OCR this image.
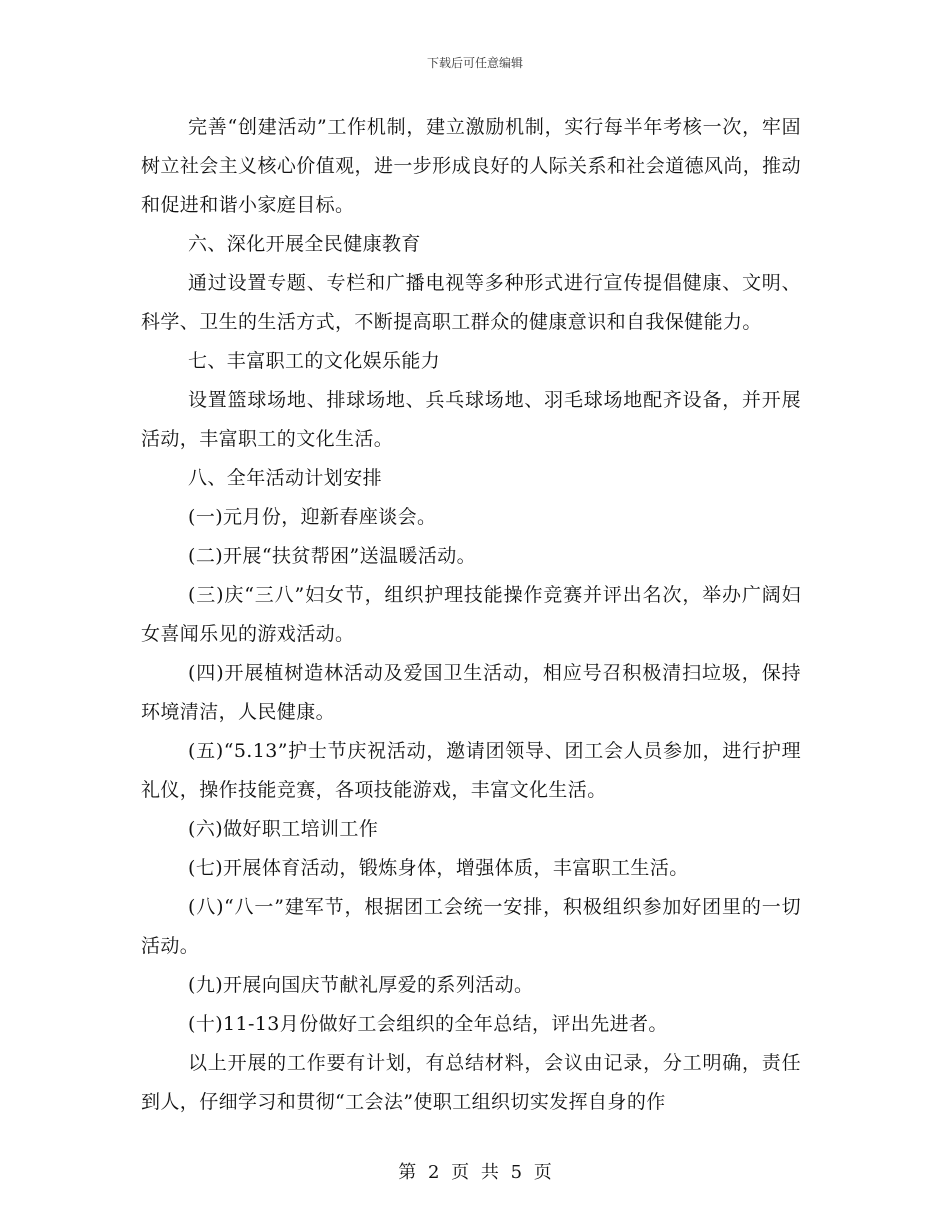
下载后可任意编辑

完善“创建活动”工作机制，建立激励机制，实行每半年考核一次，牢固树立社会主义核心价值观，进一步形成良好的人际关系和社会道德风尚，推动和促进和谐小家庭目标。

六、深化开展全民健康教育

通过设置专题、专栏和广播电视等多种形式进行宣传提倡健康、文明、科学、卫生的生活方式，不断提高职工群众的健康意识和自我保健能力。

七、丰富职工的文化娱乐能力

设置篮球场地、排球场地、兵乓球场地、羽毛球场地配齐设备，并开展活动，丰富职工的文化生活。

八、全年活动计划安排

(一)元月份，迎新春座谈会。

(二)开展“扶贫帮困”送温暖活动。

(三)庆“三八”妇女节，组织护理技能操作竞赛并评出名次，举办广阔妇女喜闻乐见的游戏活动。

(四)开展植树造林活动及爱国卫生活动，相应号召积极清扫垃圾，保持环境清洁，人民健康。

(五)“5.13”护士节庆祝活动，邀请团领导、团工会人员参加，进行护理礼仪，操作技能竞赛，各项技能游戏，丰富文化生活。

(六)做好职工培训工作

(七)开展体育活动，锻炼身体，增强体质，丰富职工生活。

(八)“八一”建军节，根据团工会统一安排，积极组织参加好团里的一切活动。

(九)开展向国庆节献礼厚爱的系列活动。

(十)11-13月份做好工会组织的全年总结，评出先进者。

以上开展的工作要有计划，有总结材料，会议由记录，分工明确，责任到人，仔细学习和贯彻“工会法”使职工组织切实发挥自身的作

第 2 页 共 5 页
